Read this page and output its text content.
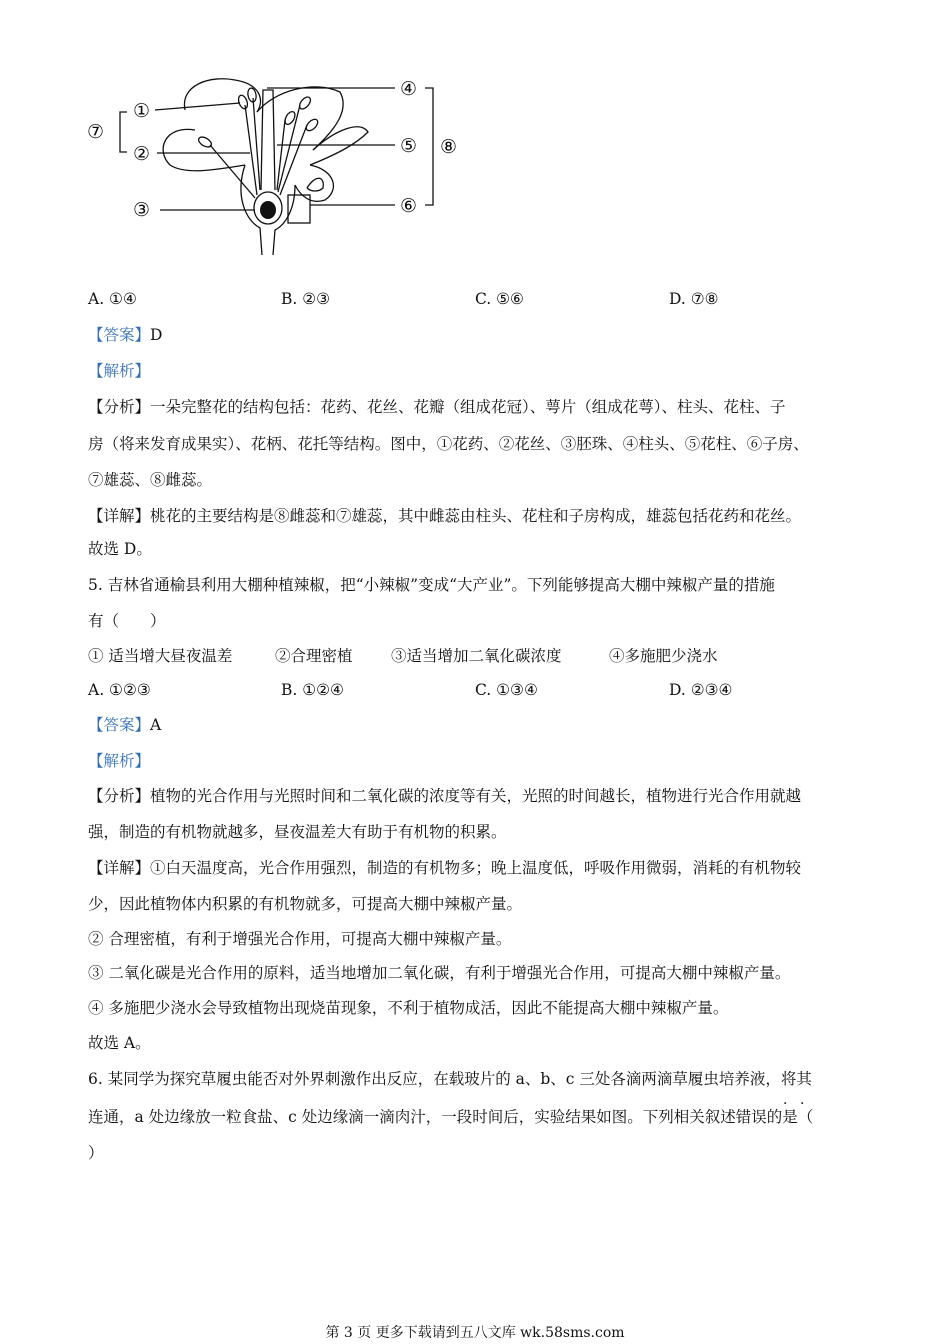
①
②
③
④
⑤
⑥
⑦
⑧
A. ①④	B. ②③	C. ⑤⑥	D. ⑦⑧
【答案】D
【解析】
【分析】一朵完整花的结构包括：花药、花丝、花瓣（组成花冠）、萼片（组成花萼）、柱头、花柱、子
房（将来发育成果实）、花柄、花托等结构。图中，①花药、②花丝、③胚珠、④柱头、⑤花柱、⑥子房、
⑦雄蕊、⑧雌蕊。
【详解】桃花的主要结构是⑧雌蕊和⑦雄蕊，其中雌蕊由柱头、花柱和子房构成，雄蕊包括花药和花丝。
故选 D。
5. 吉林省通榆县利用大棚种植辣椒，把“小辣椒”变成“大产业”。下列能够提高大棚中辣椒产量的措施
有（　　）
① 适当增大昼夜温差	②合理密植 ③适当增加二氧化碳浓度	④多施肥少浇水
A. ①②③	B. ①②④	C. ①③④	D. ②③④
【答案】A
【解析】
【分析】植物的光合作用与光照时间和二氧化碳的浓度等有关，光照的时间越长，植物进行光合作用就越
强，制造的有机物就越多，昼夜温差大有助于有机物的积累。
【详解】①白天温度高，光合作用强烈，制造的有机物多；晚上温度低，呼吸作用微弱，消耗的有机物较
少，因此植物体内积累的有机物就多，可提高大棚中辣椒产量。
② 合理密植，有利于增强光合作用，可提高大棚中辣椒产量。
③ 二氧化碳是光合作用的原料，适当地增加二氧化碳，有利于增强光合作用，可提高大棚中辣椒产量。
④ 多施肥少浇水会导致植物出现烧苗现象，不利于植物成活，因此不能提高大棚中辣椒产量。
故选 A。
6. 某同学为探究草履虫能否对外界刺激作出反应，在载玻片的 a、b、c 三处各滴两滴草履虫培养液，将其
· ·
连通，a 处边缘放一粒食盐、c 处边缘滴一滴肉汁，一段时间后，实验结果如图。下列相关叙述错误的是（
）
第 3 页 更多下载请到五八文库 wk.58sms.com
